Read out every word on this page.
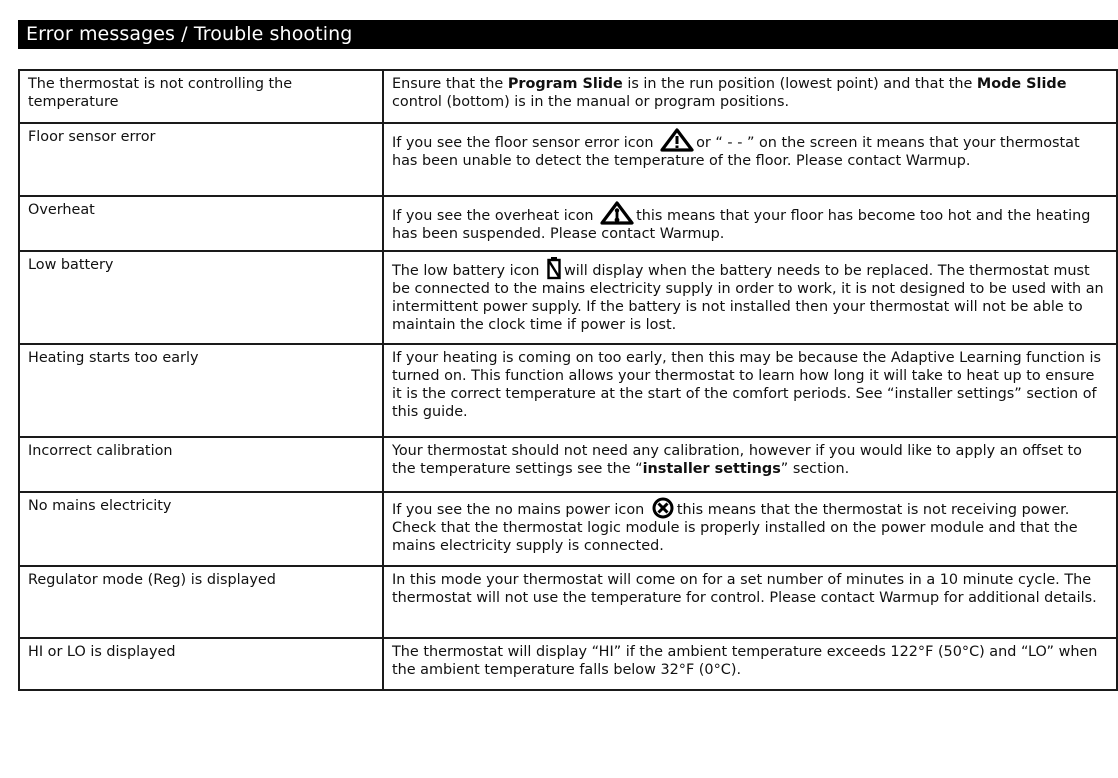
Error messages / Trouble shooting
The thermostat is not controlling the temperature	Ensure that the Program Slide is in the run position (lowest point) and that the Mode Slide control (bottom) is in the manual or program positions.
Floor sensor error	If you see the floor sensor error icon or “ - - ” on the screen it means that your thermostat has been unable to detect the temperature of the floor. Please contact Warmup.
Overheat	If you see the overheat icon this means that your floor has become too hot and the heating has been suspended. Please contact Warmup.
Low battery	The low battery icon will display when the battery needs to be replaced. The thermostat must be connected to the mains electricity supply in order to work, it is not designed to be used with an intermittent power supply. If the battery is not installed then your thermostat will not be able to maintain the clock time if power is lost.
Heating starts too early	If your heating is coming on too early, then this may be because the Adaptive Learning function is turned on. This function allows your thermostat to learn how long it will take to heat up to ensure it is the correct temperature at the start of the comfort periods. See “installer settings” section of this guide.
Incorrect calibration	Your thermostat should not need any calibration, however if you would like to apply an offset to the temperature settings see the “installer settings” section.
No mains electricity	If you see the no mains power icon this means that the thermostat is not receiving power. Check that the thermostat logic module is properly installed on the power module and that the mains electricity supply is connected.
Regulator mode (Reg) is displayed	In this mode your thermostat will come on for a set number of minutes in a 10 minute cycle. The thermostat will not use the temperature for control. Please contact Warmup for additional details.
HI or LO is displayed	The thermostat will display “HI” if the ambient temperature exceeds 122°F (50°C) and “LO” when the ambient temperature falls below 32°F (0°C).
